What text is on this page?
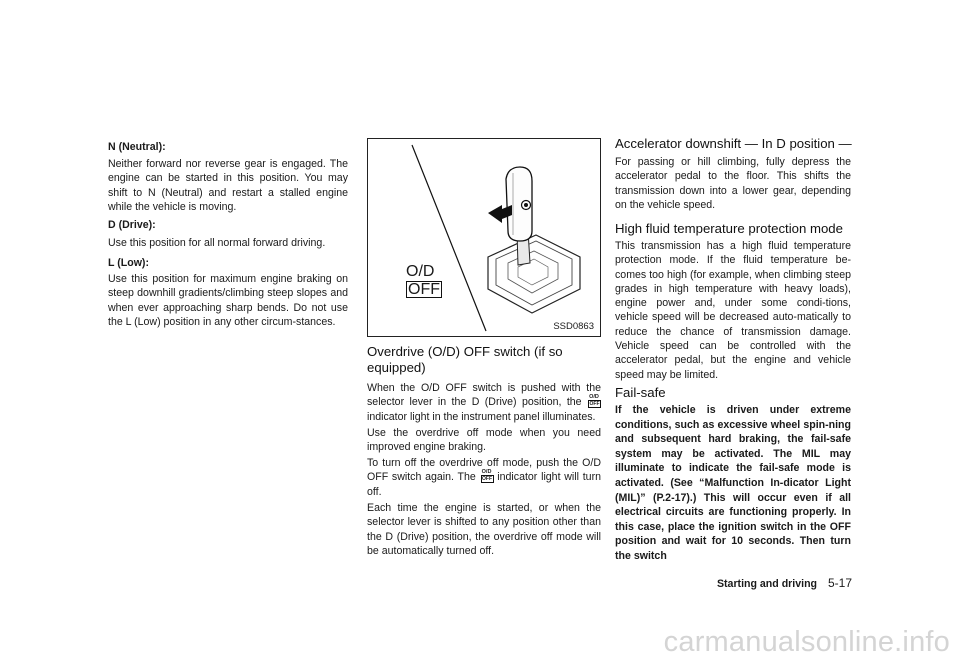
N (Neutral):

Neither forward nor reverse gear is engaged. The engine can be started in this position. You may shift to N (Neutral) and restart a stalled engine while the vehicle is moving.

D (Drive):

Use this position for all normal forward driving.

L (Low):

Use this position for maximum engine braking on steep downhill gradients/climbing steep slopes and when ever approaching sharp bends. Do not use the L (Low) position in any other circum-stances.

O/D
OFF
SSD0863
Overdrive (O/D) OFF switch (if so equipped)

When the O/D OFF switch is pushed with the selector lever in the D (Drive) position, the	O/D
OFF
indicator light in the instrument panel illuminates.

Use the overdrive off mode when you need improved engine braking.

To turn off the overdrive off mode, push the O/D OFF switch again. The	O/D
OFF indicator light will turn off.

Each time the engine is started, or when the selector lever is shifted to any position other than the D (Drive) position, the overdrive off mode will be automatically turned off.

Accelerator downshift — In D position —

For passing or hill climbing, fully depress the accelerator pedal to the floor. This shifts the transmission down into a lower gear, depending on the vehicle speed.

High fluid temperature protection mode

This transmission has a high fluid temperature protection mode. If the fluid temperature be-comes too high (for example, when climbing steep grades in high temperature with heavy loads), engine power and, under some condi-tions, vehicle speed will be decreased auto-matically to reduce the chance of transmission damage. Vehicle speed can be controlled with the accelerator pedal, but the engine and vehicle speed may be limited.

Fail-safe

If the vehicle is driven under extreme conditions, such as excessive wheel spin-ning and subsequent hard braking, the fail-safe system may be activated. The MIL may illuminate to indicate the fail-safe mode is activated. (See “Malfunction In-dicator Light (MIL)” (P.2-17).) This will occur even if all electrical circuits are functioning properly. In this case, place the ignition switch in the OFF position and wait for 10 seconds. Then turn the switch

Starting and driving 5-17
carmanualsonline.info
